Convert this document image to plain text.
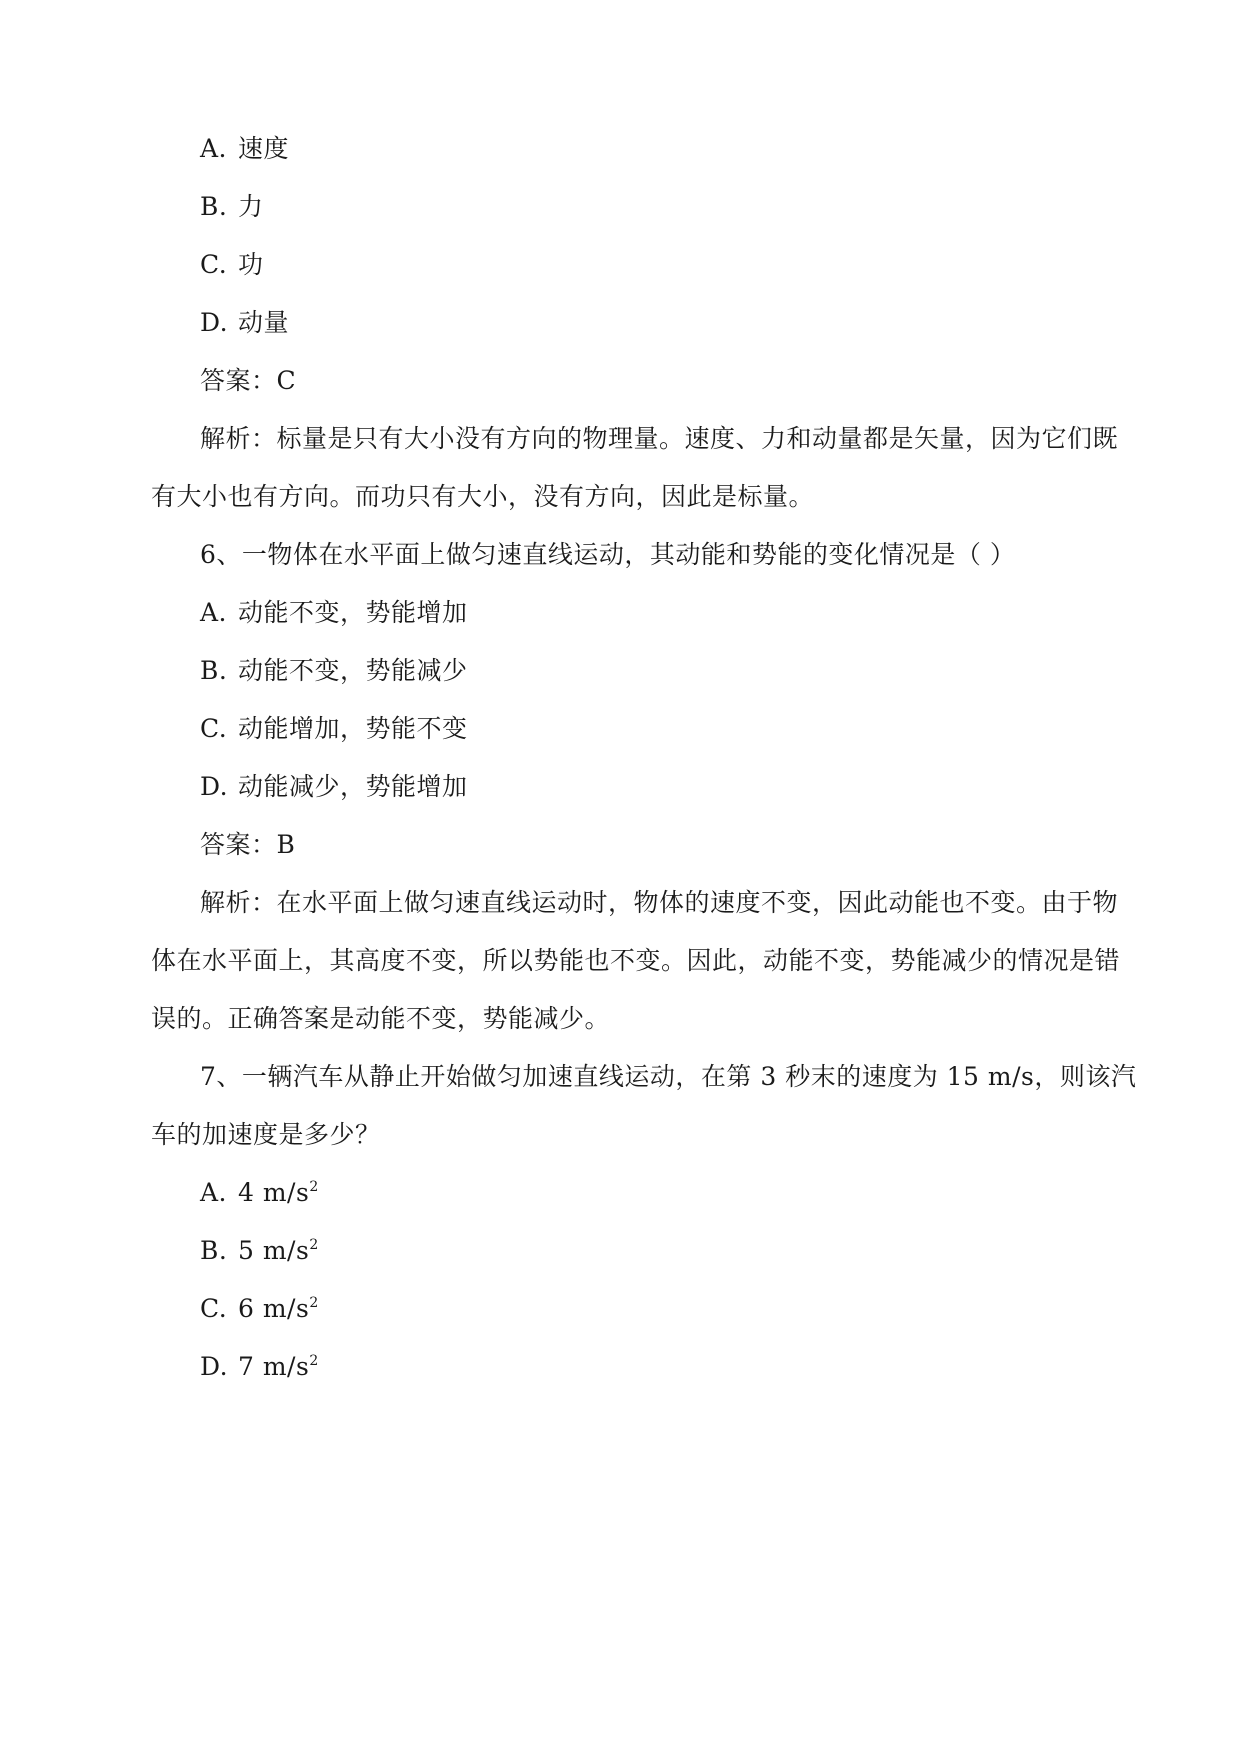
A. 速度
B. 力
C. 功
D. 动量
答案：C
解析：标量是只有大小没有方向的物理量。速度、力和动量都是矢量，因为它们既
有大小也有方向。而功只有大小，没有方向，因此是标量。
6、一物体在水平面上做匀速直线运动，其动能和势能的变化情况是（ ）
A. 动能不变，势能增加
B. 动能不变，势能减少
C. 动能增加，势能不变
D. 动能减少，势能增加
答案：B
解析：在水平面上做匀速直线运动时，物体的速度不变，因此动能也不变。由于物
体在水平面上，其高度不变，所以势能也不变。因此，动能不变，势能减少的情况是错
误的。正确答案是动能不变，势能减少。
7、一辆汽车从静止开始做匀加速直线运动，在第 3 秒末的速度为 15 m/s，则该汽
车的加速度是多少？
A. 4 $m/s^2$
B. 5 $m/s^2$
C. 6 $m/s^2$
D. 7 $m/s^2$
